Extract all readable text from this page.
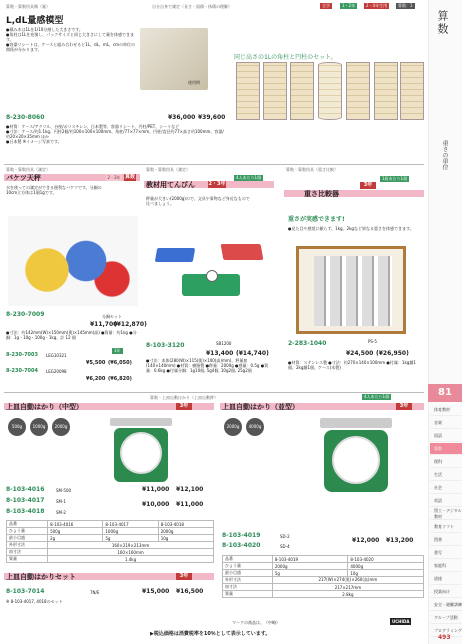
算数・算数用具類（量）	自分自身で測定（長さ・面積・体積の理解）	全学	1・2年	2・4年生用	算数：1
L,dL量感模型
同じ高さの1Lの角柱と円柱のセット。
●積み木は1Lを1/10分割した大きさです。
●角柱は1Lを充填し、パックサイズと同じ大きさにして量を体感できます。
●容器リシートは、ケースと組み合わせると1L、dL、mL、cmの単位の関係が分かります。
使用例
8-230-8060	¥36,000 ¥39,600
●材質：ケース/アクリル、台座/ポリスチレン、日本製等、容器リシート、円柱/PET、シートなど
●寸法：ケース/約1.1kg、円柱2個/約100×100×100mm、角柱/77×77×mm、円柱/直径約77×高さ約100mm、容器/約20×20×35mm ほか
●日本製 ※イメージ写真です。
算数・算数用具（測定）
バケツ天秤	2・3年 算数
水を使っての測定ができる便利なバケツです。分銅の10cm立方体は1個1gです。
分銅セット
8-230-7009
¥11,700
(¥12,870)
●寸法：約142mm(W)×150mm(奥)×145mm(高) ●質量：約1kg ●分銅：1g・10g・100g・1kg、計 12 個
1年
8-230-7003 LEG10321
¥5,500 (¥6,050)
8-230-7004 LEG20098
¥6,200 (¥6,820)
算数・算数用具（測定）
教材用てんびん	2・3年
4人あたり1個
秤量が大きい(2000g)ので、文具や事物など身近なもので比べましょう。
8-103-3120	SB1200
¥13,400 (¥14,740)
●寸法：本体(280(W)×115(奥)×100(高)mm)、秤量皿(140×140mm) ●材質：樹脂製 ●秤量：2000g ●感量：0.5g ●質量：0.6kg ●付属分銅：1g10個, 5g4個, 10g2個, 25g2個
算数・算数用具（重さ比較）
重さ比較器
3年
1班あたり1個
重さが実感できます!
●見た目や感覚に頼らず、1kg、2kgなど異なる重さを体感できます。
2-283-1040	PS-5
¥24,500 (¥26,950)
●材質：ステンレス製 ●寸法：約270×140×100mm ●付属：1kg錘1個、2kg錘1個、ケース(木製)
算数・上皿自動はかり（上皿自動秤）	4人あたり1個
上皿自動はかり（中型）	3年	上皿自動はかり（並型）	3年
500g	1000g	2000g	2000g	4000g
8-103-4016	SM-500	¥11,000 ¥12,100
8-103-4017	SM-1	¥10,000 ¥11,000
8-103-4018	SM-2
品番	8-103-4016	8-103-4017	8-103-4018
ひょう量	500g	1000g	2000g
最小目盛	2g	5g	10g
外形寸法	160×219×213mm		
皿寸法	160×160mm		
質量	1.4kg		
8-103-4019	SD-2
8-103-4020	SD-4
¥12,000 ¥13,200
品番	8-103-4019	8-103-4020
ひょう量	2000g	4000g
最小目盛	5g	10g
外形寸法	217(W)×274(奥)×260(高)mm	
皿寸法	217×217mm	
質量	2.8kg	
上皿自動はかりセット	3年
8-103-7014	7N/E	¥15,000 ¥16,500
※ 8-103-4017, 4018のセット
マークの商品は、（中略）
▶税込価格は消費税率を10％として表示しています。
UCHIDA
算数
重さの単位
81
体育教材
音楽
国語
算数
理科
生活
社会
英語
図工・デジタル教材
教育ソフト
図書
書写
家庭科
道徳
授業向け
安全・避難訓練
グループ活動
プログラミング
493
